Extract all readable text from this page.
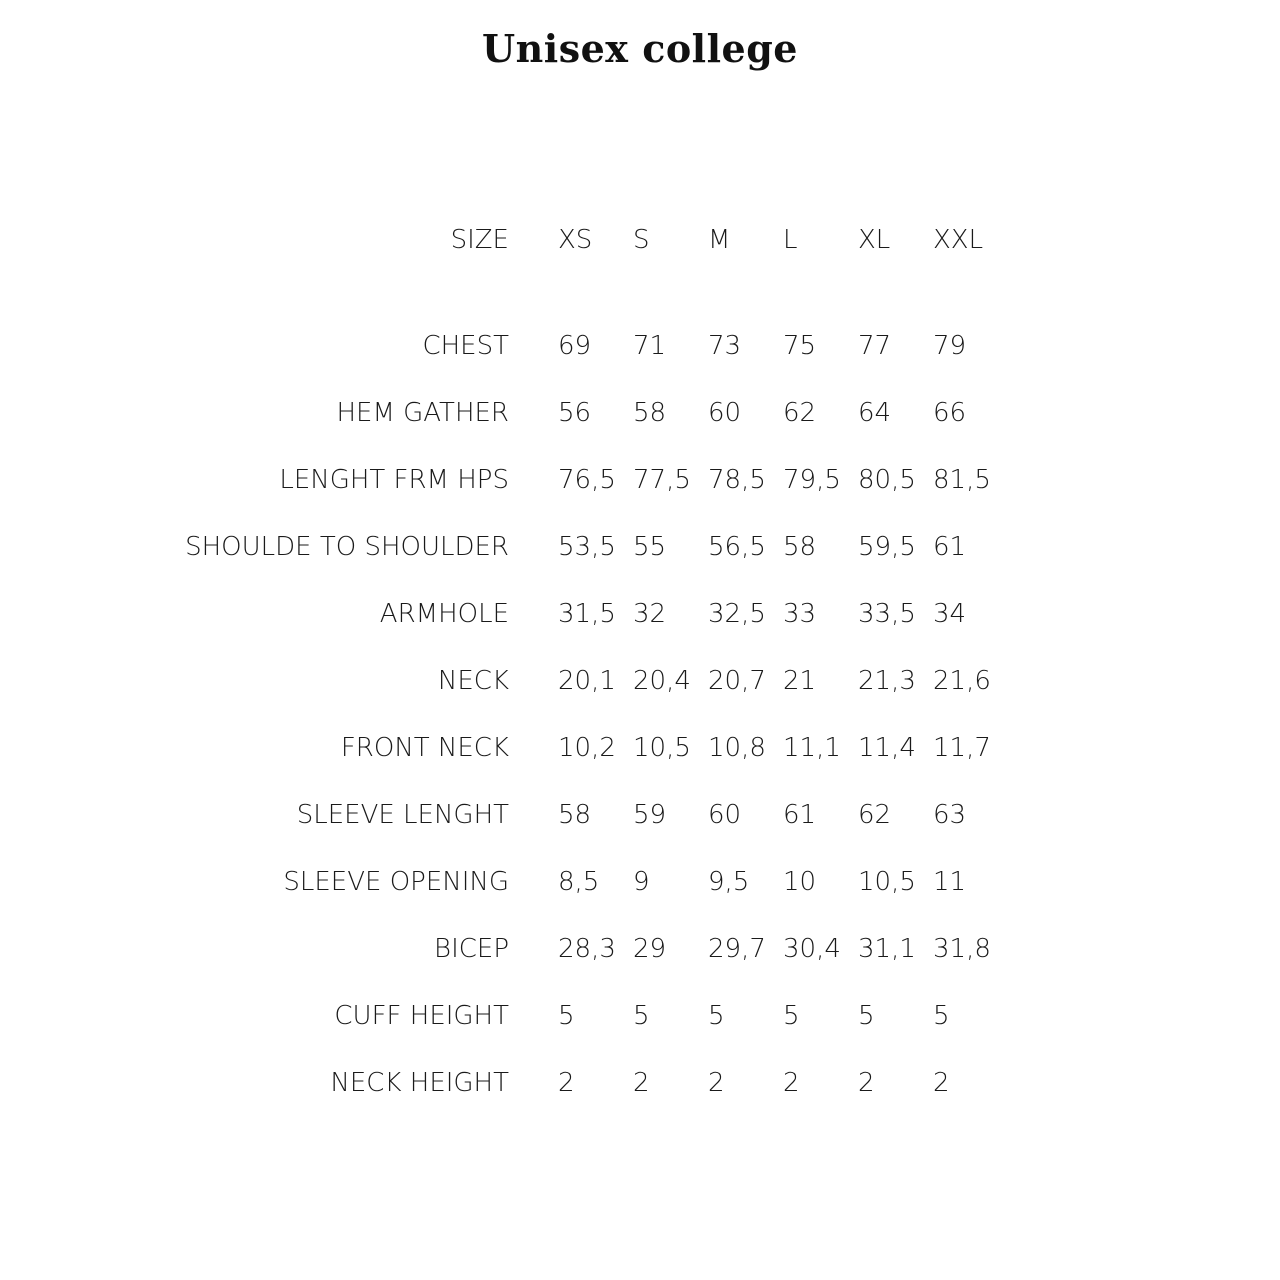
Unisex college
SIZE XS S M L XL XXL
CHEST 69 71 73 75 77 79
HEM GATHER 56 58 60 62 64 66
LENGHT FRM HPS 76,5 77,5 78,5 79,5 80,5 81,5
SHOULDE TO SHOULDER 53,5 55 56,5 58 59,5 61
ARMHOLE 31,5 32 32,5 33 33,5 34
NECK 20,1 20,4 20,7 21 21,3 21,6
FRONT NECK 10,2 10,5 10,8 11,1 11,4 11,7
SLEEVE LENGHT 58 59 60 61 62 63
SLEEVE OPENING 8,5 9 9,5 10 10,5 11
BICEP 28,3 29 29,7 30,4 31,1 31,8
CUFF HEIGHT 5 5 5 5 5 5
NECK HEIGHT 2 2 2 2 2 2
